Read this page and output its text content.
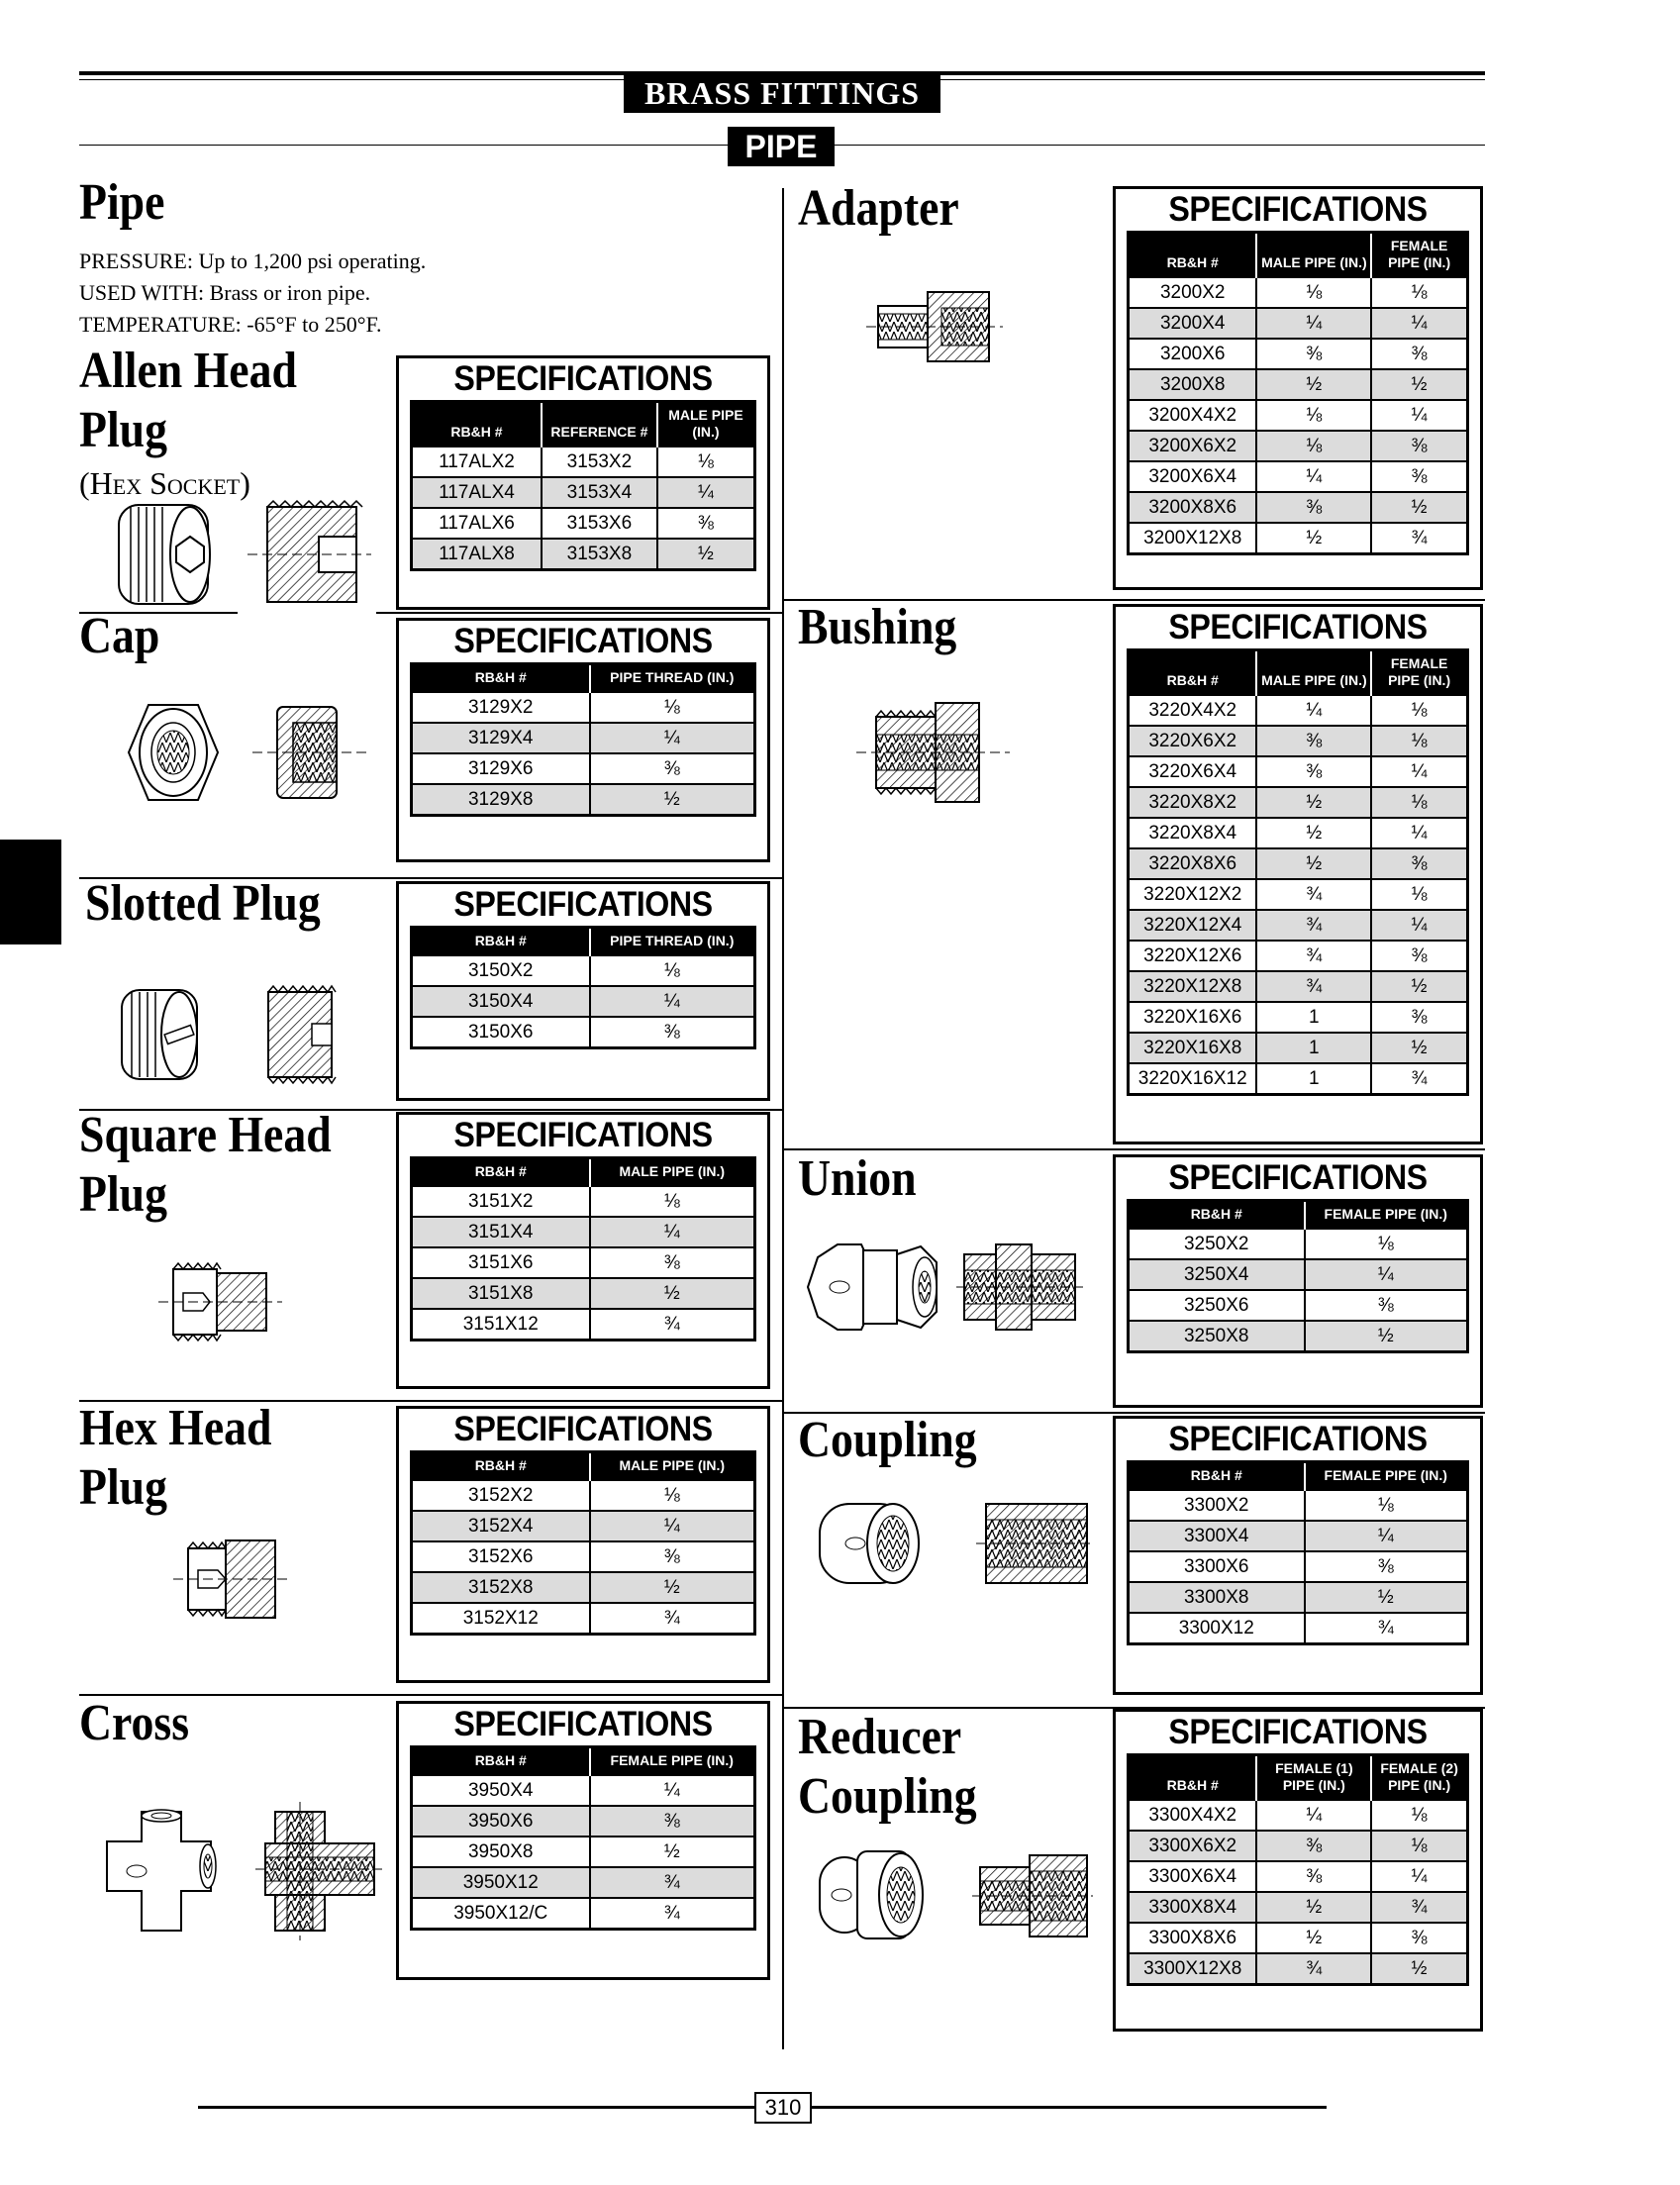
BRASS FITTINGS
PIPE
Pipe
PRESSURE: Up to 1,200 psi operating.
USED WITH: Brass or iron pipe.
TEMPERATURE: -65°F to 250°F.
Allen Head
Plug
(Hex Socket)
SPECIFICATIONS
RB&H #	REFERENCE #	MALE PIPE (IN.)
117ALX2	3153X2	⅛
117ALX4	3153X4	¼
117ALX6	3153X6	⅜
117ALX8	3153X8	½
Cap	SPECIFICATIONS
RB&H #	PIPE THREAD (IN.)
3129X2	⅛
3129X4	¼
3129X6	⅜
3129X8	½
Slotted Plug	SPECIFICATIONS
RB&H #	PIPE THREAD (IN.)
3150X2	⅛
3150X4	¼
3150X6	⅜
Square Head
Plug
SPECIFICATIONS
RB&H #	MALE PIPE (IN.)
3151X2	⅛
3151X4	¼
3151X6	⅜
3151X8	½
3151X12	¾
Hex Head
Plug
SPECIFICATIONS
RB&H #	MALE PIPE (IN.)
3152X2	⅛
3152X4	¼
3152X6	⅜
3152X8	½
3152X12	¾
Cross	SPECIFICATIONS
RB&H #	FEMALE PIPE (IN.)
3950X4	¼
3950X6	⅜
3950X8	½
3950X12	¾
3950X12/C	¾
Adapter	SPECIFICATIONS
RB&H #	MALE PIPE (IN.)	FEMALE PIPE (IN.)
3200X2	⅛	⅛
3200X4	¼	¼
3200X6	⅜	⅜
3200X8	½	½
3200X4X2	⅛	¼
3200X6X2	⅛	⅜
3200X6X4	¼	⅜
3200X8X6	⅜	½
3200X12X8	½	¾
Bushing	SPECIFICATIONS
RB&H #	MALE PIPE (IN.)	FEMALE PIPE (IN.)
3220X4X2	¼	⅛
3220X6X2	⅜	⅛
3220X6X4	⅜	¼
3220X8X2	½	⅛
3220X8X4	½	¼
3220X8X6	½	⅜
3220X12X2	¾	⅛
3220X12X4	¾	¼
3220X12X6	¾	⅜
3220X12X8	¾	½
3220X16X6	1	⅜
3220X16X8	1	½
3220X16X12	1	¾
Union	SPECIFICATIONS
RB&H #	FEMALE PIPE (IN.)
3250X2	⅛
3250X4	¼
3250X6	⅜
3250X8	½
Coupling	SPECIFICATIONS
RB&H #	FEMALE PIPE (IN.)
3300X2	⅛
3300X4	¼
3300X6	⅜
3300X8	½
3300X12	¾
Reducer
Coupling
SPECIFICATIONS
RB&H #	FEMALE (1) PIPE (IN.)	FEMALE (2) PIPE (IN.)
3300X4X2	¼	⅛
3300X6X2	⅜	⅛
3300X6X4	⅜	¼
3300X8X4	½	¾
3300X8X6	½	⅜
3300X12X8	¾	½
310
